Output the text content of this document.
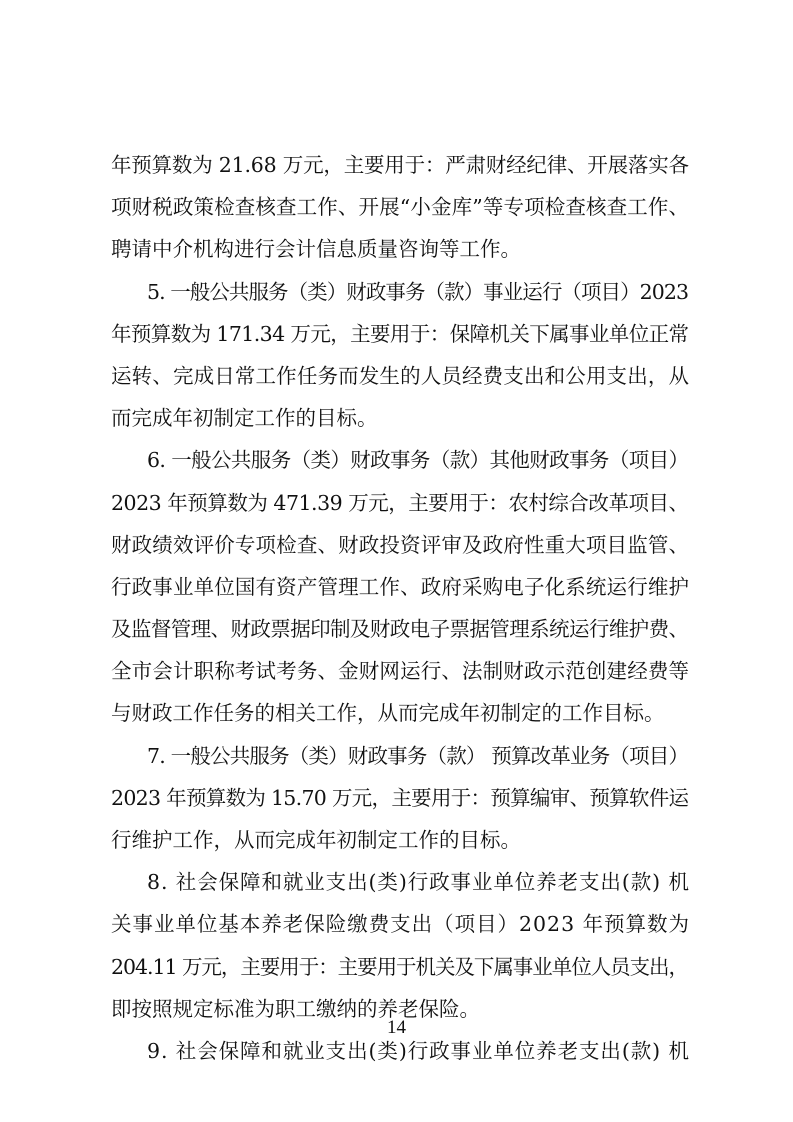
年预算数为 21.68 万元，主要用于：严肃财经纪律、开展落实各
项财税政策检查核查工作、开展“小金库”等专项检查核查工作、
聘请中介机构进行会计信息质量咨询等工作。
5. 一般公共服务（类）财政事务（款）事业运行（项目）2023
年预算数为 171.34 万元，主要用于：保障机关下属事业单位正常
运转、完成日常工作任务而发生的人员经费支出和公用支出，从
而完成年初制定工作的目标。
6. 一般公共服务（类）财政事务（款）其他财政事务（项目）
2023 年预算数为 471.39 万元，主要用于：农村综合改革项目、
财政绩效评价专项检查、财政投资评审及政府性重大项目监管、
行政事业单位国有资产管理工作、政府采购电子化系统运行维护
及监督管理、财政票据印制及财政电子票据管理系统运行维护费、
全市会计职称考试考务、金财网运行、法制财政示范创建经费等
与财政工作任务的相关工作，从而完成年初制定的工作目标。
7. 一般公共服务（类）财政事务（款） 预算改革业务（项目）
2023 年预算数为 15.70 万元，主要用于：预算编审、预算软件运
行维护工作，从而完成年初制定工作的目标。
8. 社会保障和就业支出(类)行政事业单位养老支出(款) 机
关事业单位基本养老保险缴费支出（项目）2023 年预算数为
204.11 万元，主要用于：主要用于机关及下属事业单位人员支出，
即按照规定标准为职工缴纳的养老保险。
9. 社会保障和就业支出(类)行政事业单位养老支出(款) 机
14
